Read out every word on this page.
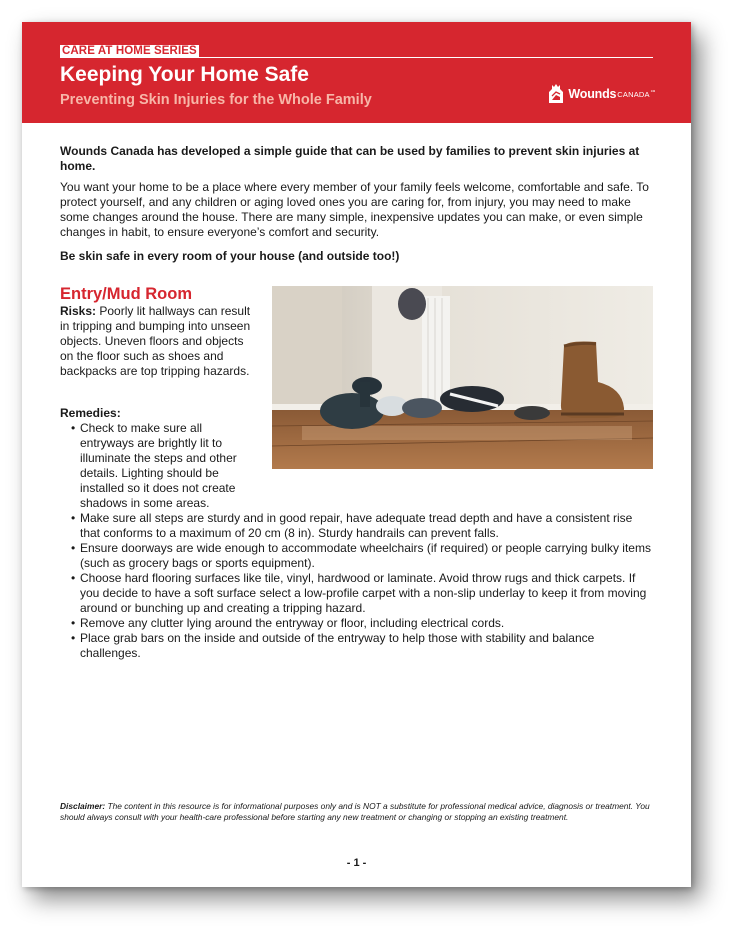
CARE AT HOME SERIES
Keeping Your Home Safe
Preventing Skin Injuries for the Whole Family	Wounds CANADA ca

Wounds Canada has developed a simple guide that can be used by families to prevent skin injuries at home.

You want your home to be a place where every member of your family feels welcome, comfortable and safe. To protect yourself, and any children or aging loved ones you are caring for, from injury, you may need to make some changes around the house. There are many simple, inexpensive updates you can make, or even simple changes in habit, to ensure everyone’s comfort and security.

Be skin safe in every room of your house (and outside too!)

Entry/Mud Room
Risks: Poorly lit hallways can result in tripping and bumping into unseen objects. Uneven floors and objects on the floor such as shoes and backpacks are top tripping hazards.
Remedies:
• Check to make sure all entryways are brightly lit to illuminate the steps and other details. Lighting should be installed so it does not create shadows in some areas.
• Make sure all steps are sturdy and in good repair, have adequate tread depth and have a consistent rise that conforms to a maximum of 20 cm (8 in). Sturdy handrails can prevent falls.
• Ensure doorways are wide enough to accommodate wheelchairs (if required) or people carrying bulky items (such as grocery bags or sports equipment).
• Choose hard flooring surfaces like tile, vinyl, hardwood or laminate. Avoid throw rugs and thick carpets. If you decide to have a soft surface select a low-profile carpet with a non-slip underlay to keep it from moving around or bunching up and creating a tripping hazard.
• Remove any clutter lying around the entryway or floor, including electrical cords.
• Place grab bars on the inside and outside of the entryway to help those with stability and balance challenges.
Disclaimer: The content in this resource is for informational purposes only and is NOT a substitute for professional medical advice, diagnosis or treatment. You should always consult with your health-care professional before starting any new treatment or changing or stopping an existing treatment.
- 1 -
